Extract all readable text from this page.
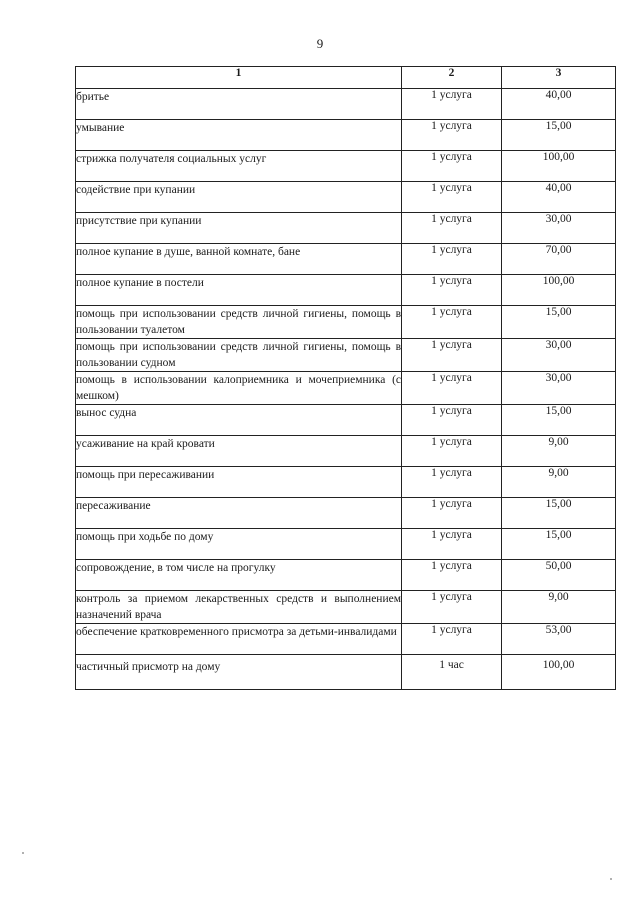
9
1	2	3
бритье	1 услуга	40,00
умывание	1 услуга	15,00
стрижка получателя социальных услуг	1 услуга	100,00
содействие при купании	1 услуга	40,00
присутствие при купании	1 услуга	30,00
полное купание в душе, ванной комнате, бане	1 услуга	70,00
полное купание в постели	1 услуга	100,00
помощь при использовании средств личной гигиены, помощь в пользовании туалетом	1 услуга	15,00
помощь при использовании средств личной гигиены, помощь в пользовании судном	1 услуга	30,00
помощь в использовании калоприемника и мочеприемника (с мешком)	1 услуга	30,00
вынос судна	1 услуга	15,00
усаживание на край кровати	1 услуга	9,00
помощь при пересаживании	1 услуга	9,00
пересаживание	1 услуга	15,00
помощь при ходьбе по дому	1 услуга	15,00
сопровождение, в том числе на прогулку	1 услуга	50,00
контроль за приемом лекарственных средств и выполнением назначений врача	1 услуга	9,00
обеспечение кратковременного присмотра за детьми-инвалидами	1 услуга	53,00
частичный присмотр на дому	1 час	100,00
